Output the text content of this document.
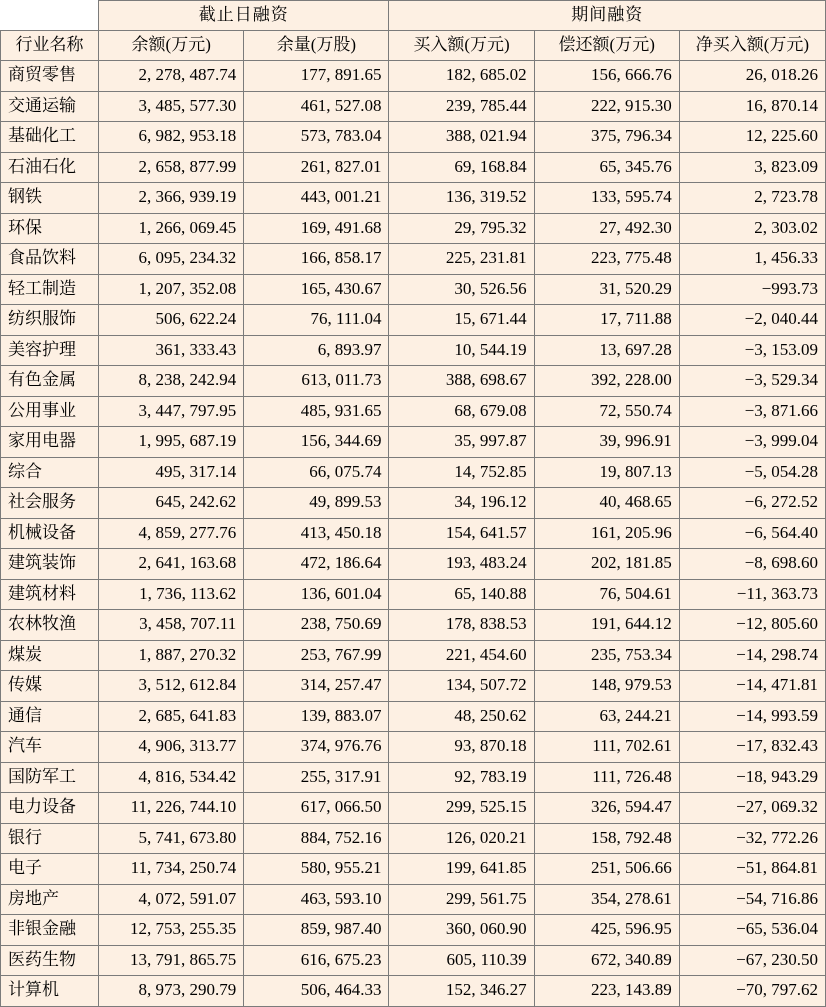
	截止日融资		期间融资		
行业名称	余额(万元)	余量(万股)	买入额(万元)	偿还额(万元)	净买入额(万元)
商贸零售	2, 278, 487.74	177, 891.65	182, 685.02	156, 666.76	26, 018.26
交通运输	3, 485, 577.30	461, 527.08	239, 785.44	222, 915.30	16, 870.14
基础化工	6, 982, 953.18	573, 783.04	388, 021.94	375, 796.34	12, 225.60
石油石化	2, 658, 877.99	261, 827.01	69, 168.84	65, 345.76	3, 823.09
钢铁	2, 366, 939.19	443, 001.21	136, 319.52	133, 595.74	2, 723.78
环保	1, 266, 069.45	169, 491.68	29, 795.32	27, 492.30	2, 303.02
食品饮料	6, 095, 234.32	166, 858.17	225, 231.81	223, 775.48	1, 456.33
轻工制造	1, 207, 352.08	165, 430.67	30, 526.56	31, 520.29	−993.73
纺织服饰	506, 622.24	76, 111.04	15, 671.44	17, 711.88	−2, 040.44
美容护理	361, 333.43	6, 893.97	10, 544.19	13, 697.28	−3, 153.09
有色金属	8, 238, 242.94	613, 011.73	388, 698.67	392, 228.00	−3, 529.34
公用事业	3, 447, 797.95	485, 931.65	68, 679.08	72, 550.74	−3, 871.66
家用电器	1, 995, 687.19	156, 344.69	35, 997.87	39, 996.91	−3, 999.04
综合	495, 317.14	66, 075.74	14, 752.85	19, 807.13	−5, 054.28
社会服务	645, 242.62	49, 899.53	34, 196.12	40, 468.65	−6, 272.52
机械设备	4, 859, 277.76	413, 450.18	154, 641.57	161, 205.96	−6, 564.40
建筑装饰	2, 641, 163.68	472, 186.64	193, 483.24	202, 181.85	−8, 698.60
建筑材料	1, 736, 113.62	136, 601.04	65, 140.88	76, 504.61	−11, 363.73
农林牧渔	3, 458, 707.11	238, 750.69	178, 838.53	191, 644.12	−12, 805.60
煤炭	1, 887, 270.32	253, 767.99	221, 454.60	235, 753.34	−14, 298.74
传媒	3, 512, 612.84	314, 257.47	134, 507.72	148, 979.53	−14, 471.81
通信	2, 685, 641.83	139, 883.07	48, 250.62	63, 244.21	−14, 993.59
汽车	4, 906, 313.77	374, 976.76	93, 870.18	111, 702.61	−17, 832.43
国防军工	4, 816, 534.42	255, 317.91	92, 783.19	111, 726.48	−18, 943.29
电力设备	11, 226, 744.10	617, 066.50	299, 525.15	326, 594.47	−27, 069.32
银行	5, 741, 673.80	884, 752.16	126, 020.21	158, 792.48	−32, 772.26
电子	11, 734, 250.74	580, 955.21	199, 641.85	251, 506.66	−51, 864.81
房地产	4, 072, 591.07	463, 593.10	299, 561.75	354, 278.61	−54, 716.86
非银金融	12, 753, 255.35	859, 987.40	360, 060.90	425, 596.95	−65, 536.04
医药生物	13, 791, 865.75	616, 675.23	605, 110.39	672, 340.89	−67, 230.50
计算机	8, 973, 290.79	506, 464.33	152, 346.27	223, 143.89	−70, 797.62
